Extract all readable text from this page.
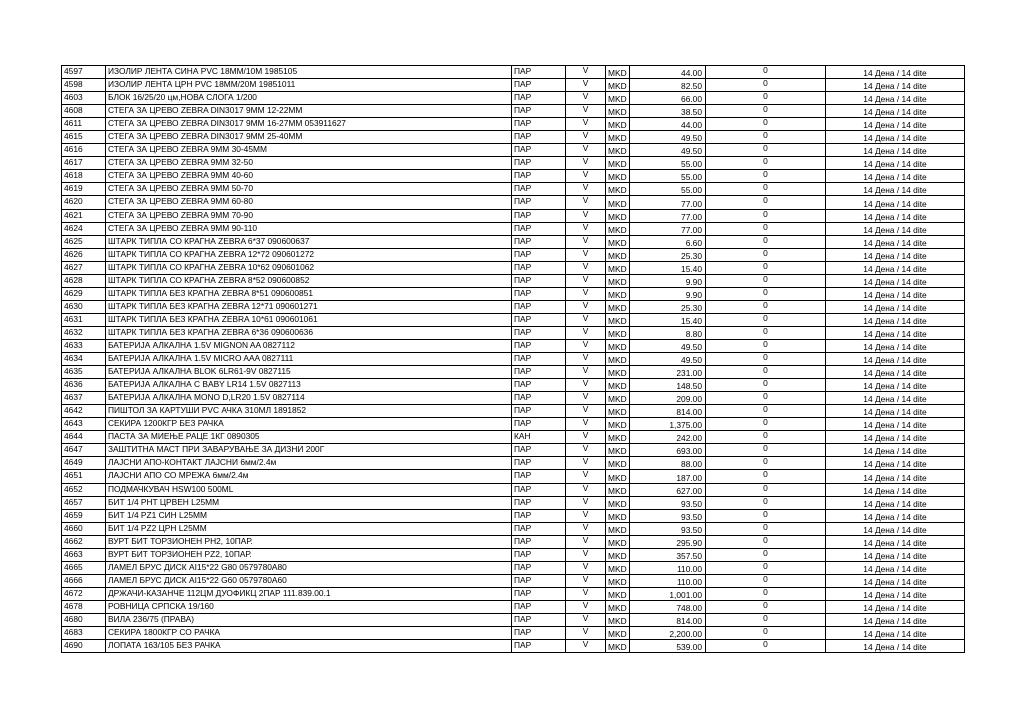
4597	ИЗОЛИР ЛЕНТА СИНА PVC 18ММ/10М 1985105	ПАР	V	MKD	44.00	0	14 Дена / 14 dite
4598	ИЗОЛИР ЛЕНТА ЦРН PVC 18ММ/20М 19851011	ПАР	V	MKD	82.50	0	14 Дена / 14 dite
4603	БЛОК 16/25/20 цм,НОВА СЛОГА 1/200	ПАР	V	MKD	66.00	0	14 Дена / 14 dite
4608	СТЕГА ЗА ЦРЕВО ZEBRA DIN3017 9ММ 12-22ММ	ПАР	V	MKD	38.50	0	14 Дена / 14 dite
4611	СТЕГА ЗА ЦРЕВО ZEBRA DIN3017 9ММ 16-27ММ 053911627	ПАР	V	MKD	44.00	0	14 Дена / 14 dite
4615	СТЕГА ЗА ЦРЕВО ZEBRA DIN3017 9ММ 25-40ММ	ПАР	V	MKD	49.50	0	14 Дена / 14 dite
4616	СТЕГА ЗА ЦРЕВО ZEBRA 9ММ 30-45ММ	ПАР	V	MKD	49.50	0	14 Дена / 14 dite
4617	СТЕГА ЗА ЦРЕВО ZEBRA 9ММ 32-50	ПАР	V	MKD	55.00	0	14 Дена / 14 dite
4618	СТЕГА ЗА ЦРЕВО ZEBRA 9ММ 40-60	ПАР	V	MKD	55.00	0	14 Дена / 14 dite
4619	СТЕГА ЗА ЦРЕВО ZEBRA 9ММ 50-70	ПАР	V	MKD	55.00	0	14 Дена / 14 dite
4620	СТЕГА ЗА ЦРЕВО ZEBRA 9ММ 60-80	ПАР	V	MKD	77.00	0	14 Дена / 14 dite
4621	СТЕГА ЗА ЦРЕВО ZEBRA 9ММ 70-90	ПАР	V	MKD	77.00	0	14 Дена / 14 dite
4624	СТЕГА ЗА ЦРЕВО ZEBRA 9ММ 90-110	ПАР	V	MKD	77.00	0	14 Дена / 14 dite
4625	ШТАРК ТИПЛА СО КРАГНА ZEBRA 6*37 090600637	ПАР	V	MKD	6.60	0	14 Дена / 14 dite
4626	ШТАРК ТИПЛА СО КРАГНА ZEBRA 12*72 090601272	ПАР	V	MKD	25.30	0	14 Дена / 14 dite
4627	ШТАРК ТИПЛА СО КРАГНА ZEBRA 10*62 090601062	ПАР	V	MKD	15.40	0	14 Дена / 14 dite
4628	ШТАРК ТИПЛА СО КРАГНА ZEBRA 8*52 090600852	ПАР	V	MKD	9.90	0	14 Дена / 14 dite
4629	ШТАРК ТИПЛА БЕЗ КРАГНА ZEBRA 8*51 090600851	ПАР	V	MKD	9.90	0	14 Дена / 14 dite
4630	ШТАРК ТИПЛА БЕЗ КРАГНА ZEBRA 12*71 090601271	ПАР	V	MKD	25.30	0	14 Дена / 14 dite
4631	ШТАРК ТИПЛА БЕЗ КРАГНА ZEBRA 10*61 090601061	ПАР	V	MKD	15.40	0	14 Дена / 14 dite
4632	ШТАРК ТИПЛА БЕЗ КРАГНА ZEBRA 6*36 090600636	ПАР	V	MKD	8.80	0	14 Дена / 14 dite
4633	БАТЕРИЈА АЛКАЛНА 1.5V MIGNON AA 0827112	ПАР	V	MKD	49.50	0	14 Дена / 14 dite
4634	БАТЕРИЈА АЛКАЛНА 1.5V MICRO AAA 0827111	ПАР	V	MKD	49.50	0	14 Дена / 14 dite
4635	БАТЕРИЈА АЛКАЛНА BLOK 6LR61-9V 0827115	ПАР	V	MKD	231.00	0	14 Дена / 14 dite
4636	БАТЕРИЈА АЛКАЛНА C BABY LR14 1.5V 0827113	ПАР	V	MKD	148.50	0	14 Дена / 14 dite
4637	БАТЕРИЈА АЛКАЛНА MONO D,LR20 1.5V 0827114	ПАР	V	MKD	209.00	0	14 Дена / 14 dite
4642	ПИШТОЛ ЗА КАРТУШИ PVC АЧКА 310МЛ 1891852	ПАР	V	MKD	814.00	0	14 Дена / 14 dite
4643	СЕКИРА 1200КГР БЕЗ РАЧКА	ПАР	V	MKD	1,375.00	0	14 Дена / 14 dite
4644	ПАСТА ЗА МИЕЊЕ РАЦЕ 1КГ 0890305	КАН	V	MKD	242.00	0	14 Дена / 14 dite
4647	ЗАШТИТНА МАСТ ПРИ ЗАВАРУВАЊЕ ЗА ДИЗНИ 200Г	ПАР	V	MKD	693.00	0	14 Дена / 14 dite
4649	ЛАЈСНИ АПО-КОНТАКТ ЛАЈСНИ 6мм/2.4м	ПАР	V	MKD	88.00	0	14 Дена / 14 dite
4651	ЛАЈСНИ АПО СО МРЕЖА 6мм/2.4м	ПАР	V	MKD	187.00	0	14 Дена / 14 dite
4652	ПОДМАЧКУВАЧ HSW100 500ML	ПАР	V	MKD	627.00	0	14 Дена / 14 dite
4657	БИТ 1/4 PHT ЦРВЕН L25MM	ПАР	V	MKD	93.50	0	14 Дена / 14 dite
4659	БИТ 1/4 PZ1 СИН L25MM	ПАР	V	MKD	93.50	0	14 Дена / 14 dite
4660	БИТ 1/4 PZ2 ЦРН L25MM	ПАР	V	MKD	93.50	0	14 Дена / 14 dite
4662	ВУРТ БИТ ТОРЗИОНЕН PH2, 10ПАР.	ПАР	V	MKD	295.90	0	14 Дена / 14 dite
4663	ВУРТ БИТ ТОРЗИОНЕН PZ2, 10ПАР.	ПАР	V	MKD	357.50	0	14 Дена / 14 dite
4665	ЛАМЕЛ БРУС ДИСК AI15*22 G80 0579780A80	ПАР	V	MKD	110.00	0	14 Дена / 14 dite
4666	ЛАМЕЛ БРУС ДИСК AI15*22 G60 0579780A60	ПАР	V	MKD	110.00	0	14 Дена / 14 dite
4672	ДРЖАЧИ-КАЗАНЧЕ 112ЦМ ДУОФИКЦ 2ПАР 111.839.00.1	ПАР	V	MKD	1,001.00	0	14 Дена / 14 dite
4678	РОВНИЦА СРПСКА 19/160	ПАР	V	MKD	748.00	0	14 Дена / 14 dite
4680	ВИЛА 236/75 (ПРАВА)	ПАР	V	MKD	814.00	0	14 Дена / 14 dite
4683	СЕКИРА 1800КГР СО РАЧКА	ПАР	V	MKD	2,200.00	0	14 Дена / 14 dite
4690	ЛОПАТА 163/105 БЕЗ РАЧКА	ПАР	V	MKD	539.00	0	14 Дена / 14 dite
